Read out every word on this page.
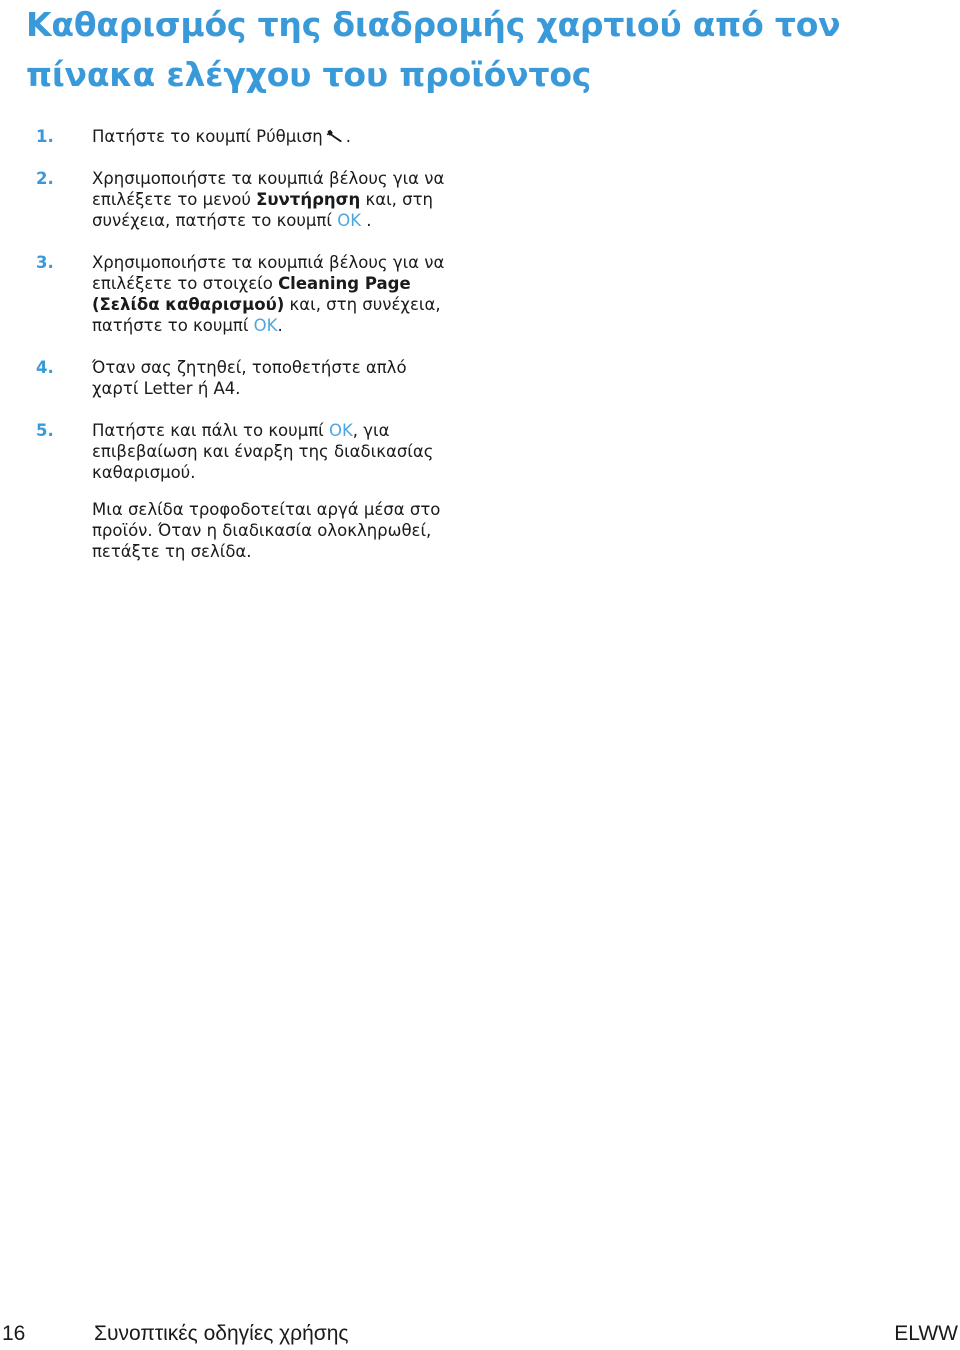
Καθαρισμός της διαδρομής χαρτιού από τον πίνακα ελέγχου του προϊόντος
1. Πατήστε το κουμπί Ρύθμιση .
2. Χρησιμοποιήστε τα κουμπιά βέλους για να επιλέξετε το μενού Συντήρηση και, στη συνέχεια, πατήστε το κουμπί OK .
3. Χρησιμοποιήστε τα κουμπιά βέλους για να επιλέξετε το στοιχείο Cleaning Page (Σελίδα καθαρισμού) και, στη συνέχεια, πατήστε το κουμπί OK.
4. Όταν σας ζητηθεί, τοποθετήστε απλό χαρτί Letter ή A4.
5. Πατήστε και πάλι το κουμπί OK, για επιβεβαίωση και έναρξη της διαδικασίας καθαρισμού.
Μια σελίδα τροφοδοτείται αργά μέσα στο προϊόν. Όταν η διαδικασία ολοκληρωθεί, πετάξτε τη σελίδα.
16	Συνοπτικές οδηγίες χρήσης	ELWW
